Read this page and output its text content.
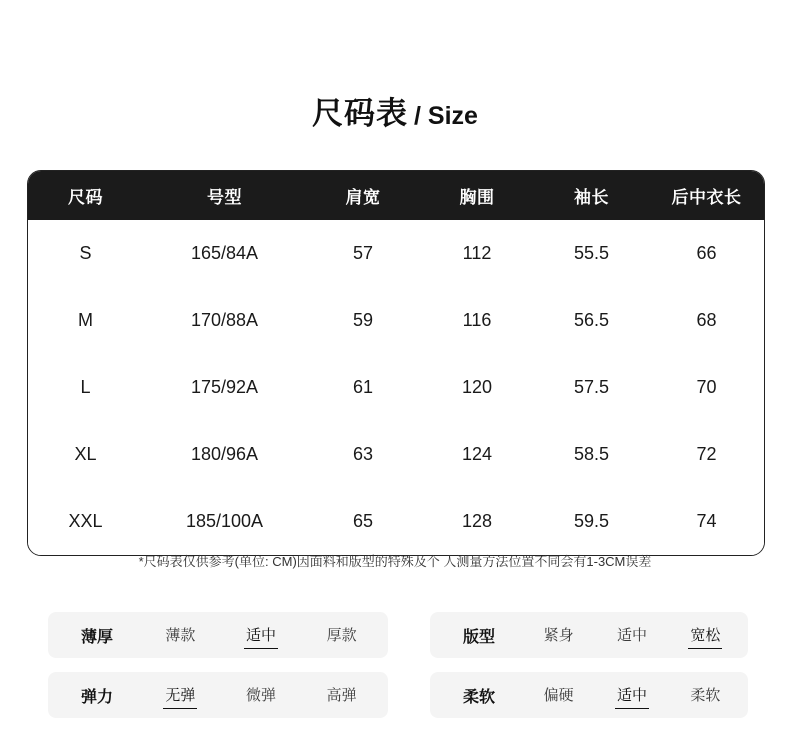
尺码表 / Size
尺码	号型	肩宽	胸围	袖长	后中衣长
S	165/84A	57	112	55.5	66
M	170/88A	59	116	56.5	68
L	175/92A	61	120	57.5	70
XL	180/96A	63	124	58.5	72
XXL	185/100A	65	128	59.5	74
*尺码表仅供参考(单位: CM)因面料和版型的特殊及个 人测量方法位置不同会有1-3CM误差
薄厚	薄款	适中	厚款	版型	紧身	适中	宽松
弹力	无弹	微弹	高弹	柔软	偏硬	适中	柔软
